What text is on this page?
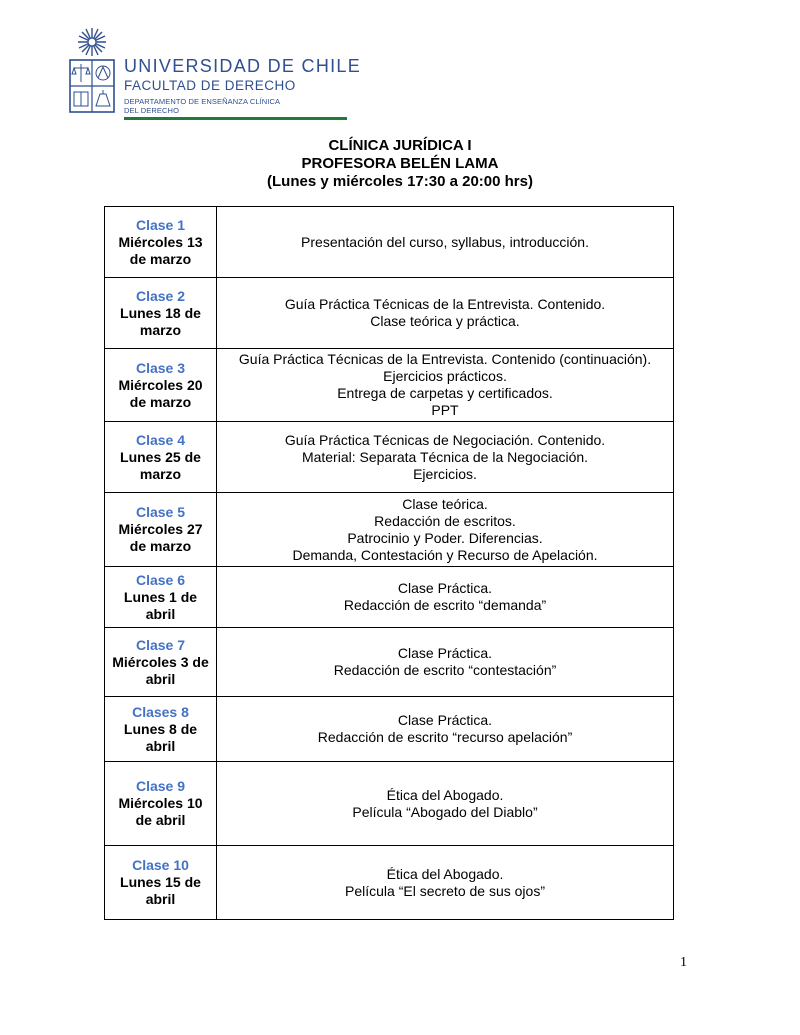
UNIVERSIDAD DE CHILE
FACULTAD DE DERECHO
DEPARTAMENTO DE ENSEÑANZA CLÍNICA
DEL DERECHO
CLÍNICA JURÍDICA I
PROFESORA BELÉN LAMA
(Lunes y miércoles 17:30 a 20:00 hrs)
Clase 1
Miércoles 13
de marzo	Presentación del curso, syllabus, introducción.

Clase 2
Lunes 18 de
marzo	Guía Práctica Técnicas de la Entrevista. Contenido.
Clase teórica y práctica.

Clase 3
Miércoles 20
de marzo	Guía Práctica Técnicas de la Entrevista. Contenido (continuación).
Ejercicios prácticos.
Entrega de carpetas y certificados.
PPT

Clase 4
Lunes 25 de
marzo	Guía Práctica Técnicas de Negociación. Contenido.
Material: Separata Técnica de la Negociación.
Ejercicios.

Clase 5
Miércoles 27
de marzo	Clase teórica.
Redacción de escritos.
Patrocinio y Poder. Diferencias.
Demanda, Contestación y Recurso de Apelación.

Clase 6
Lunes 1 de
abril	Clase Práctica.
Redacción de escrito “demanda”

Clase 7
Miércoles 3 de
abril	Clase Práctica.
Redacción de escrito “contestación”

Clases 8
Lunes 8 de
abril	Clase Práctica.
Redacción de escrito “recurso apelación”

Clase 9
Miércoles 10
de abril	Ética del Abogado.
Película “Abogado del Diablo”

Clase 10
Lunes 15 de
abril	Ética del Abogado.
Película “El secreto de sus ojos”
1
